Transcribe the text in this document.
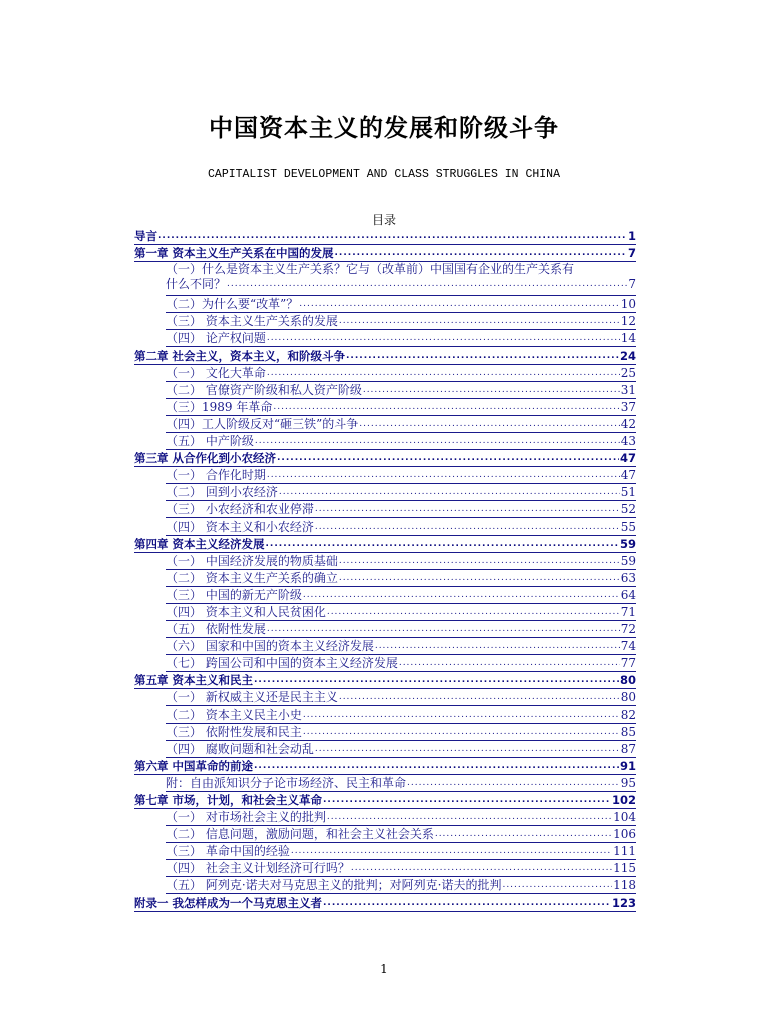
中国资本主义的发展和阶级斗争
CAPITALIST DEVELOPMENT AND CLASS STRUGGLES IN CHINA
目录
导言 .....	1
第一章 资本主义生产关系在中国的发展 .....	7
（一）什么是资本主义生产关系？它与（改革前）中国国有企业的生产关系有
什么不同？ .....	7
（二）为什么要“改革”？ .....	10
（三） 资本主义生产关系的发展 .....	12
（四） 论产权问题 .....	14
第二章 社会主义，资本主义，和阶级斗争 .....	24
（一） 文化大革命 .....	25
（二） 官僚资产阶级和私人资产阶级 .....	31
（三）1989 年革命 .....	37
（四）工人阶级反对“砸三铁”的斗争 .....	42
（五） 中产阶级 .....	43
第三章 从合作化到小农经济 .....	47
（一） 合作化时期 .....	47
（二） 回到小农经济 .....	51
（三） 小农经济和农业停滞 .....	52
（四） 资本主义和小农经济 .....	55
第四章 资本主义经济发展 .....	59
（一） 中国经济发展的物质基础 .....	59
（二） 资本主义生产关系的确立 .....	63
（三） 中国的新无产阶级 .....	64
（四） 资本主义和人民贫困化 .....	71
（五） 依附性发展 .....	72
（六） 国家和中国的资本主义经济发展 .....	74
（七） 跨国公司和中国的资本主义经济发展 .....	77
第五章 资本主义和民主 .....	80
（一） 新权威主义还是民主主义 .....	80
（二） 资本主义民主小史 .....	82
（三） 依附性发展和民主 .....	85
（四） 腐败问题和社会动乱 .....	87
第六章 中国革命的前途 .....	91
附：自由派知识分子论市场经济、民主和革命 .....	95
第七章 市场，计划，和社会主义革命 .....	102
（一） 对市场社会主义的批判 .....	104
（二） 信息问题，激励问题，和社会主义社会关系 .....	106
（三） 革命中国的经验 .....	111
（四） 社会主义计划经济可行吗？ .....	115
（五） 阿列克·诺夫对马克思主义的批判；对阿列克·诺夫的批判 .....	118
附录一 我怎样成为一个马克思主义者 .....	123
1
